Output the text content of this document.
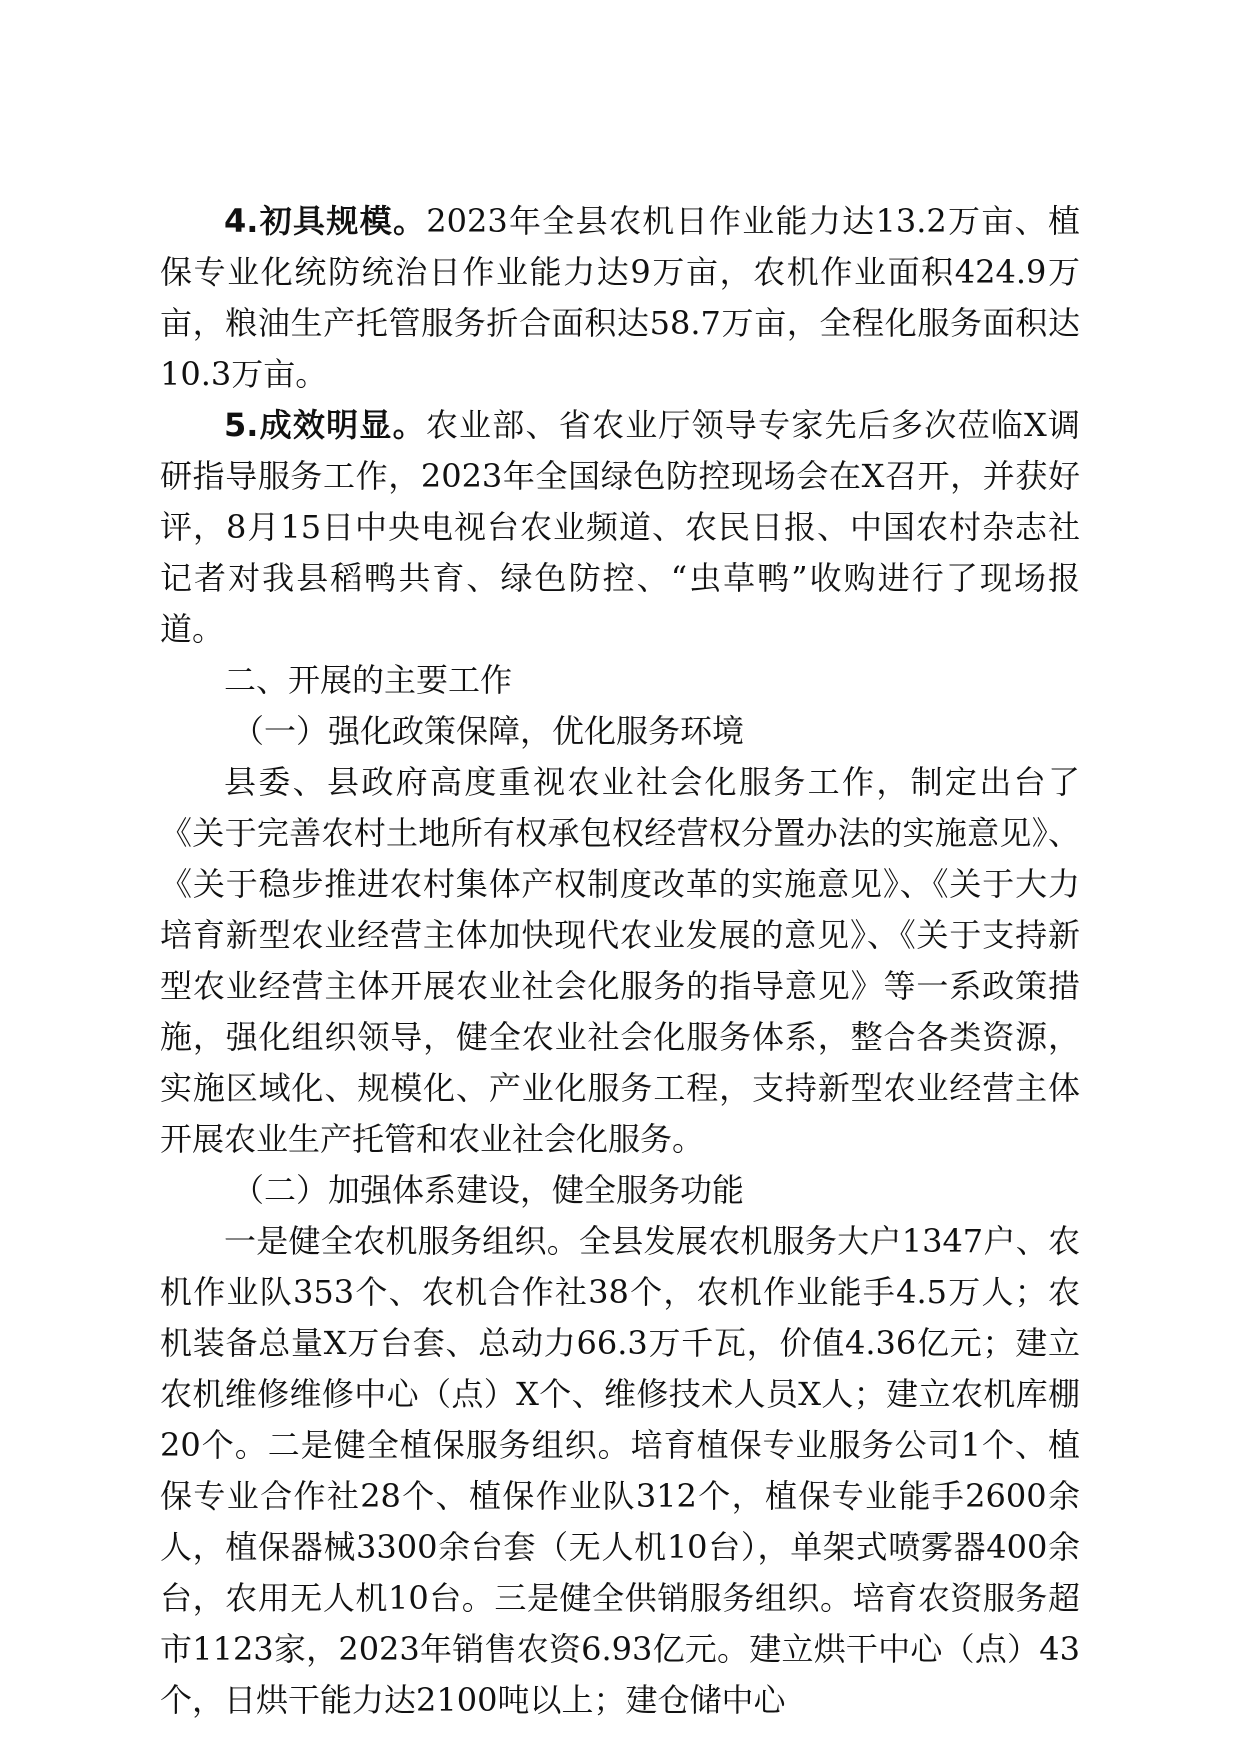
4.初具规模。2023年全县农机日作业能力达13.2万亩、植保专业化统防统治日作业能力达9万亩，农机作业面积424.9万亩，粮油生产托管服务折合面积达58.7万亩，全程化服务面积达10.3万亩。

5.成效明显。农业部、省农业厅领导专家先后多次莅临X调研指导服务工作，2023年全国绿色防控现场会在X召开，并获好评，8月15日中央电视台农业频道、农民日报、中国农村杂志社记者对我县稻鸭共育、绿色防控、“虫草鸭”收购进行了现场报道。

二、开展的主要工作
（一）强化政策保障，优化服务环境

县委、县政府高度重视农业社会化服务工作，制定出台了《关于完善农村土地所有权承包权经营权分置办法的实施意见》、《关于稳步推进农村集体产权制度改革的实施意见》、《关于大力培育新型农业经营主体加快现代农业发展的意见》、《关于支持新型农业经营主体开展农业社会化服务的指导意见》等一系政策措施，强化组织领导，健全农业社会化服务体系，整合各类资源，实施区域化、规模化、产业化服务工程，支持新型农业经营主体开展农业生产托管和农业社会化服务。

（二）加强体系建设，健全服务功能

一是健全农机服务组织。全县发展农机服务大户1347户、农机作业队353个、农机合作社38个，农机作业能手4.5万人；农机装备总量X万台套、总动力66.3万千瓦，价值4.36亿元；建立农机维修维修中心（点）X个、维修技术人员X人；建立农机库棚20个。二是健全植保服务组织。培育植保专业服务公司1个、植保专业合作社28个、植保作业队312个，植保专业能手2600余人，植保器械3300余台套（无人机10台），单架式喷雾器400余台，农用无人机10台。三是健全供销服务组织。培育农资服务超市1123家，2023年销售农资6.93亿元。建立烘干中心（点）43个，日烘干能力达2100吨以上；建仓储中心
